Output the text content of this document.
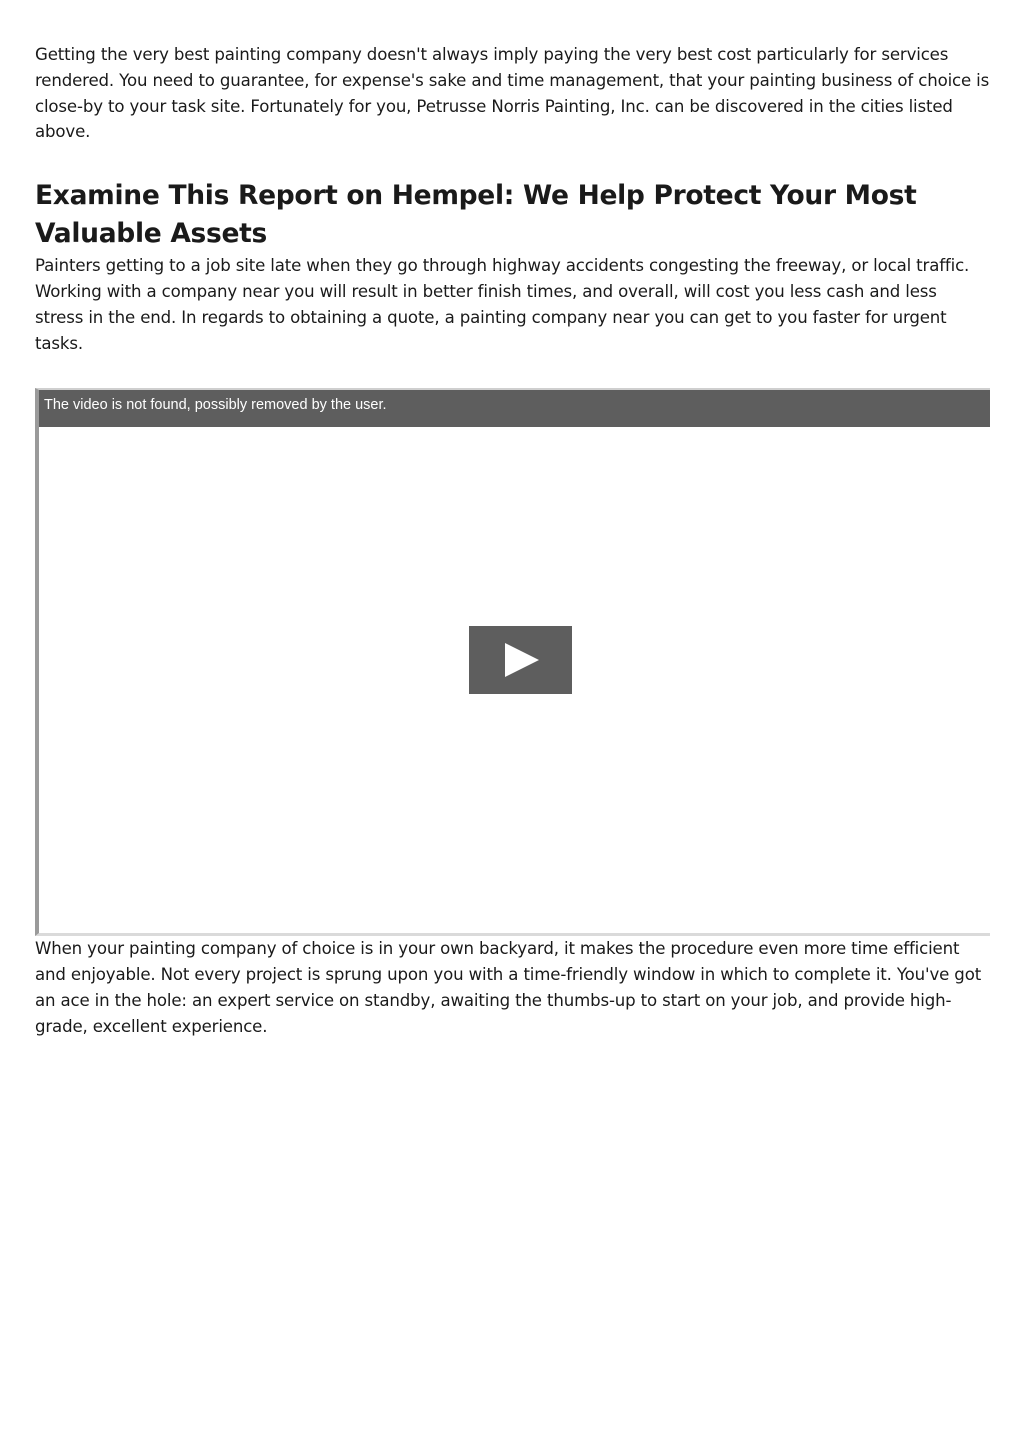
Getting the very best painting company doesn't always imply paying the very best cost particularly for services rendered. You need to guarantee, for expense's sake and time management, that your painting business of choice is close-by to your task site. Fortunately for you, Petrusse Norris Painting, Inc. can be discovered in the cities listed above.

Examine This Report on Hempel: We Help Protect Your Most Valuable Assets

Painters getting to a job site late when they go through highway accidents congesting the freeway, or local traffic. Working with a company near you will result in better finish times, and overall, will cost you less cash and less stress in the end. In regards to obtaining a quote, a painting company near you can get to you faster for urgent tasks.

The video is not found, possibly removed by the user.

When your painting company of choice is in your own backyard, it makes the procedure even more time efficient and enjoyable. Not every project is sprung upon you with a time-friendly window in which to complete it. You've got an ace in the hole: an expert service on standby, awaiting the thumbs-up to start on your job, and provide high-grade, excellent experience.
